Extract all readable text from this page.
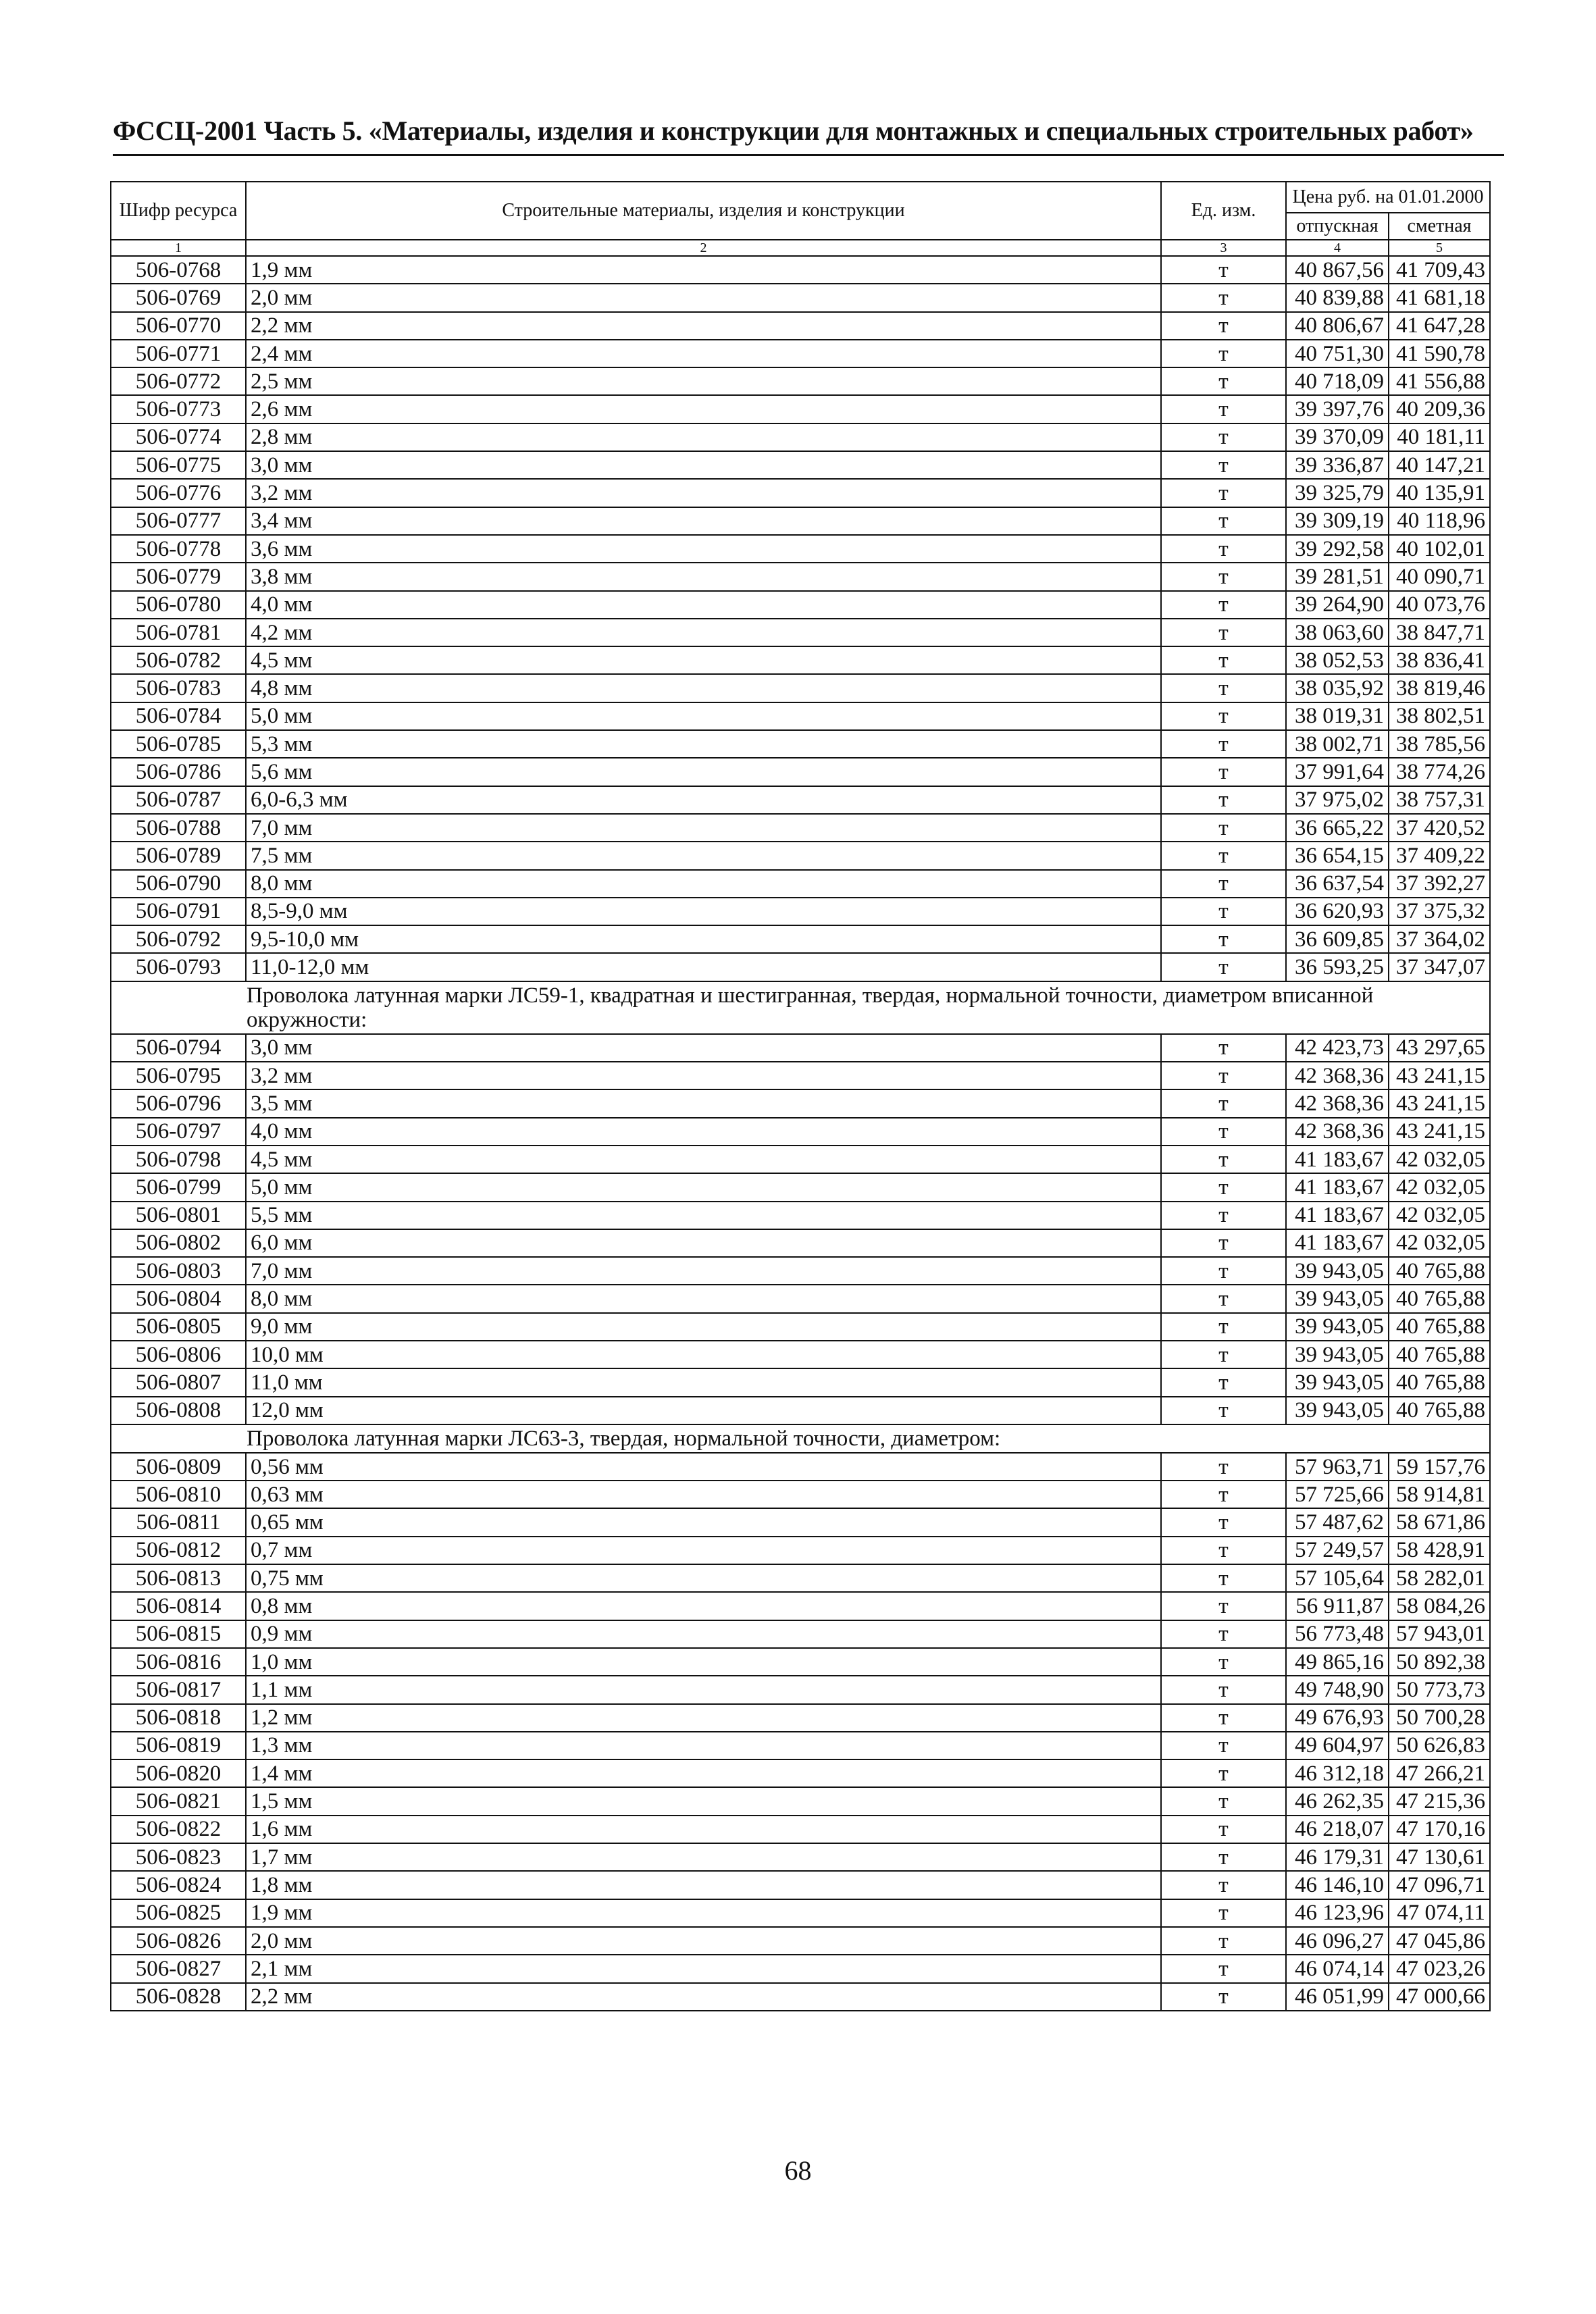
ФССЦ-2001 Часть 5. «Материалы, изделия и конструкции для монтажных и специальных строительных работ»
Шифр ресурса	Строительные материалы, изделия и конструкции	Ед. изм.	Цена руб. на 01.01.2000	
			отпускная	сметная
1	2	3	4	5
506-0768	1,9 мм	т	40 867,56	41 709,43
506-0769	2,0 мм	т	40 839,88	41 681,18
506-0770	2,2 мм	т	40 806,67	41 647,28
506-0771	2,4 мм	т	40 751,30	41 590,78
506-0772	2,5 мм	т	40 718,09	41 556,88
506-0773	2,6 мм	т	39 397,76	40 209,36
506-0774	2,8 мм	т	39 370,09	40 181,11
506-0775	3,0 мм	т	39 336,87	40 147,21
506-0776	3,2 мм	т	39 325,79	40 135,91
506-0777	3,4 мм	т	39 309,19	40 118,96
506-0778	3,6 мм	т	39 292,58	40 102,01
506-0779	3,8 мм	т	39 281,51	40 090,71
506-0780	4,0 мм	т	39 264,90	40 073,76
506-0781	4,2 мм	т	38 063,60	38 847,71
506-0782	4,5 мм	т	38 052,53	38 836,41
506-0783	4,8 мм	т	38 035,92	38 819,46
506-0784	5,0 мм	т	38 019,31	38 802,51
506-0785	5,3 мм	т	38 002,71	38 785,56
506-0786	5,6 мм	т	37 991,64	38 774,26
506-0787	6,0-6,3 мм	т	37 975,02	38 757,31
506-0788	7,0 мм	т	36 665,22	37 420,52
506-0789	7,5 мм	т	36 654,15	37 409,22
506-0790	8,0 мм	т	36 637,54	37 392,27
506-0791	8,5-9,0 мм	т	36 620,93	37 375,32
506-0792	9,5-10,0 мм	т	36 609,85	37 364,02
506-0793	11,0-12,0 мм	т	36 593,25	37 347,07
Проволока латунная марки ЛС59-1, квадратная и шестигранная, твердая, нормальной точности, диаметром вписанной окружности:				
506-0794	3,0 мм	т	42 423,73	43 297,65
506-0795	3,2 мм	т	42 368,36	43 241,15
506-0796	3,5 мм	т	42 368,36	43 241,15
506-0797	4,0 мм	т	42 368,36	43 241,15
506-0798	4,5 мм	т	41 183,67	42 032,05
506-0799	5,0 мм	т	41 183,67	42 032,05
506-0801	5,5 мм	т	41 183,67	42 032,05
506-0802	6,0 мм	т	41 183,67	42 032,05
506-0803	7,0 мм	т	39 943,05	40 765,88
506-0804	8,0 мм	т	39 943,05	40 765,88
506-0805	9,0 мм	т	39 943,05	40 765,88
506-0806	10,0 мм	т	39 943,05	40 765,88
506-0807	11,0 мм	т	39 943,05	40 765,88
506-0808	12,0 мм	т	39 943,05	40 765,88
Проволока латунная марки ЛС63-3, твердая, нормальной точности, диаметром:				
506-0809	0,56 мм	т	57 963,71	59 157,76
506-0810	0,63 мм	т	57 725,66	58 914,81
506-0811	0,65 мм	т	57 487,62	58 671,86
506-0812	0,7 мм	т	57 249,57	58 428,91
506-0813	0,75 мм	т	57 105,64	58 282,01
506-0814	0,8 мм	т	56 911,87	58 084,26
506-0815	0,9 мм	т	56 773,48	57 943,01
506-0816	1,0 мм	т	49 865,16	50 892,38
506-0817	1,1 мм	т	49 748,90	50 773,73
506-0818	1,2 мм	т	49 676,93	50 700,28
506-0819	1,3 мм	т	49 604,97	50 626,83
506-0820	1,4 мм	т	46 312,18	47 266,21
506-0821	1,5 мм	т	46 262,35	47 215,36
506-0822	1,6 мм	т	46 218,07	47 170,16
506-0823	1,7 мм	т	46 179,31	47 130,61
506-0824	1,8 мм	т	46 146,10	47 096,71
506-0825	1,9 мм	т	46 123,96	47 074,11
506-0826	2,0 мм	т	46 096,27	47 045,86
506-0827	2,1 мм	т	46 074,14	47 023,26
506-0828	2,2 мм	т	46 051,99	47 000,66
68
